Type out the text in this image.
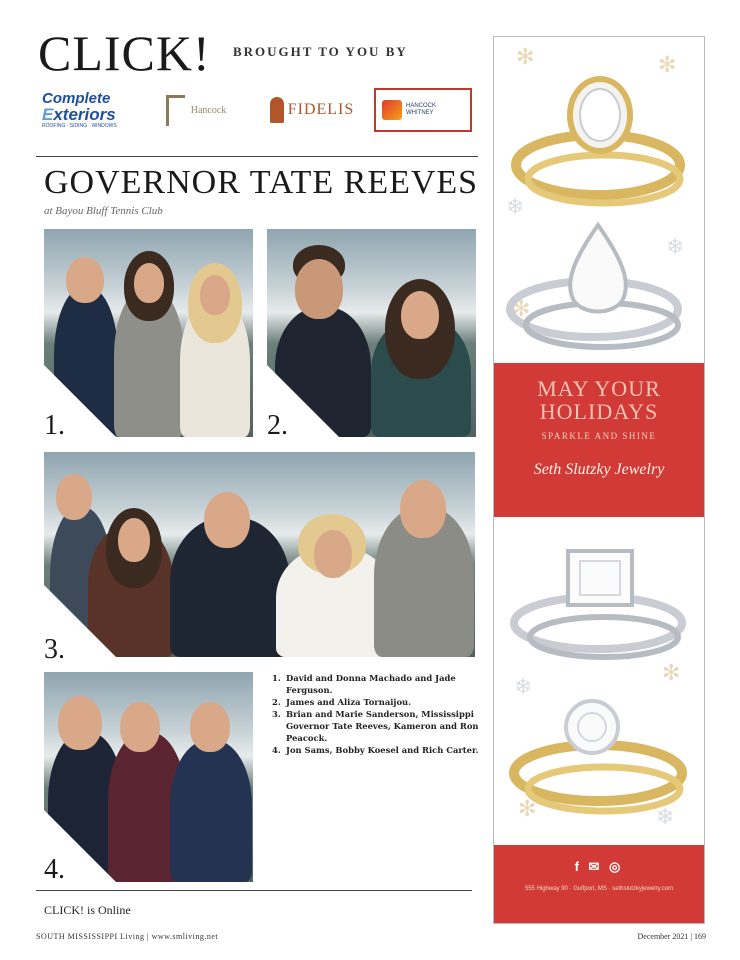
CLICK! BROUGHT TO YOU BY
Complete
Exteriors
ROOFING · SIDING · WINDOWS
Hancock	FIDELIS	HANCOCK WHITNEY
GOVERNOR TATE REEVES
at Bayou Bluff Tennis Club
1.	2.
3.
4.
1. David and Donna Machado and Jade Ferguson.
2. James and Aliza Tornaijou.
3. Brian and Marie Sanderson, Mississippi Governor Tate Reeves, Kameron and Ron Peacock.
4. Jon Sams, Bobby Koesel and Rich Carter.
CLICK! is Online
SOUTH MISSISSIPPI Living | www.smliving.net	December 2021 | 169
✻	✻
❄
✻
❄
MAY YOUR HOLIDAYS
SPARKLE AND SHINE
Seth Slutzky Jewelry
✻
❄
✻	❄
f ✉ ◎
555 Highway 90 · Gulfport, MS · sethslutzkyjewelry.com
